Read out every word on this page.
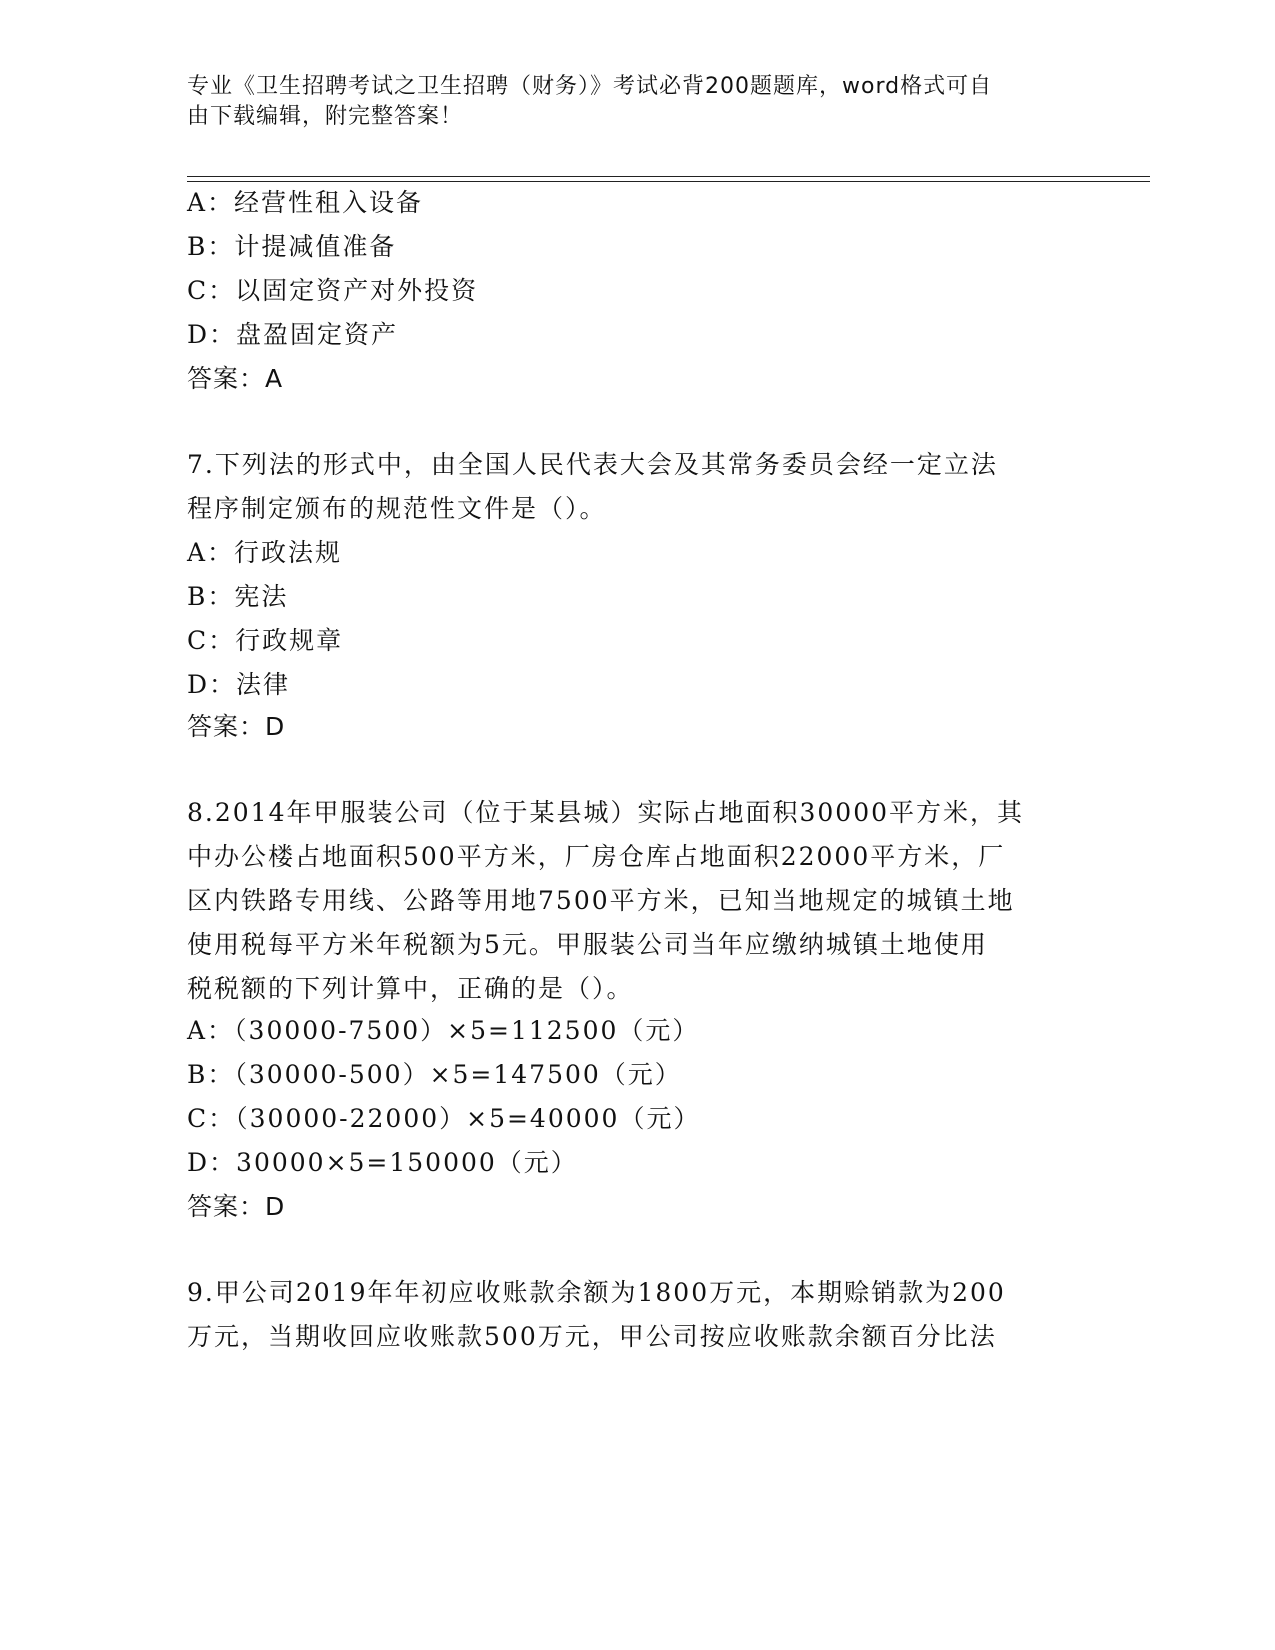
专业《卫生招聘考试之卫生招聘（财务）》考试必背200题题库，word格式可自
由下载编辑，附完整答案！
A：经营性租入设备
B：计提减值准备
C：以固定资产对外投资
D：盘盈固定资产
答案：A
7.下列法的形式中，由全国人民代表大会及其常务委员会经一定立法
程序制定颁布的规范性文件是（）。
A：行政法规
B：宪法
C：行政规章
D：法律
答案：D
8.2014年甲服装公司（位于某县城）实际占地面积30000平方米，其
中办公楼占地面积500平方米，厂房仓库占地面积22000平方米，厂
区内铁路专用线、公路等用地7500平方米，已知当地规定的城镇土地
使用税每平方米年税额为5元。甲服装公司当年应缴纳城镇土地使用
税税额的下列计算中，正确的是（）。
A：（30000-7500）×5=112500（元）
B：（30000-500）×5=147500（元）
C：（30000-22000）×5=40000（元）
D：30000×5=150000（元）
答案：D
9.甲公司2019年年初应收账款余额为1800万元，本期赊销款为200
万元，当期收回应收账款500万元，甲公司按应收账款余额百分比法
